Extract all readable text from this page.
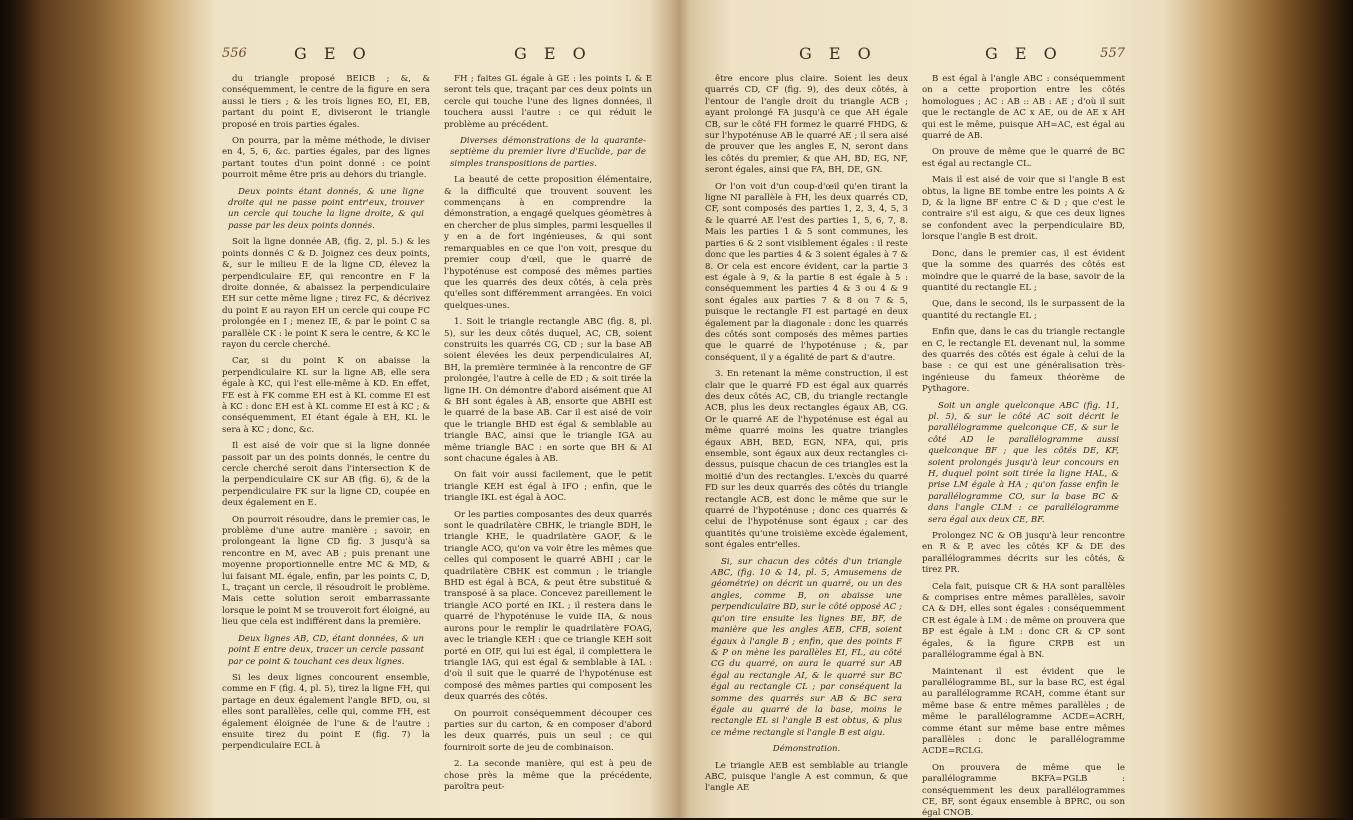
556	G E O	G E O

du triangle proposé BEICB ; &, & conséquemment, le centre de la figure en sera aussi le tiers ; & les trois lignes EO, EI, EB, partant du point E, diviseront le triangle proposé en trois parties égales.

On pourra, par la même méthode, le diviser en 4, 5, 6, &c. parties égales, par des lignes partant toutes d'un point donné : ce point pourroit même être pris au dehors du triangle.

Deux points étant donnés, & une ligne droite qui ne passe point entr'eux, trouver un cercle qui touche la ligne droite, & qui passe par les deux points donnés.

Soit la ligne donnée AB, (fig. 2, pl. 5.) & les points donnés C & D. Joignez ces deux points, &, sur le milieu E de la ligne CD, élevez la perpendiculaire EF, qui rencontre en F la droite donnée, & abaissez la perpendiculaire EH sur cette même ligne ; tirez FC, & décrivez du point E au rayon EH un cercle qui coupe FC prolongée en I ; menez IE, & par le point C sa parallèle CK : le point K sera le centre, & KC le rayon du cercle cherché.

Car, si du point K on abaisse la perpendiculaire KL sur la ligne AB, elle sera égale à KC, qui l'est elle-même à KD. En effet, FE est à FK comme EH est à KL comme EI est à KC : donc EH est à KL comme EI est à KC ; & conséquemment, EI étant égale à EH, KL le sera à KC ; donc, &c.

Il est aisé de voir que si la ligne donnée passoit par un des points donnés, le centre du cercle cherché seroit dans l'intersection K de la perpendiculaire CK sur AB (fig. 6), & de la perpendiculaire FK sur la ligne CD, coupée en deux également en E.

On pourroit résoudre, dans le premier cas, le problème d'une autre manière ; savoir, en prolongeant la ligne CD fig. 3 jusqu'à sa rencontre en M, avec AB ; puis prenant une moyenne proportionnelle entre MC & MD, & lui faisant ML égale, enfin, par les points C, D, L, traçant un cercle, il résoudroit le problème. Mais cette solution seroit embarrassante lorsque le point M se trouveroit fort éloigné, au lieu que cela est indifférent dans la première.

Deux lignes AB, CD, étant données, & un point E entre deux, tracer un cercle passant par ce point & touchant ces deux lignes.

Si les deux lignes concourent ensemble, comme en F (fig. 4, pl. 5), tirez la ligne FH, qui partage en deux également l'angle BFD, ou, si elles sont parallèles, celle qui, comme FH, est également éloignée de l'une & de l'autre ; ensuite tirez du point E (fig. 7) la perpendiculaire ECL à

FH ; faites GL égale à GE : les points L & E seront tels que, traçant par ces deux points un cercle qui touche l'une des lignes données, il touchera aussi l'autre : ce qui réduit le problème au précédent.

Diverses démonstrations de la quarante-septième du premier livre d'Euclide, par de simples transpositions de parties.

La beauté de cette proposition élémentaire, & la difficulté que trouvent souvent les commençans à en comprendre la démonstration, a engagé quelques géomètres à en chercher de plus simples, parmi lesquelles il y en a de fort ingénieuses, & qui sont remarquables en ce que l'on voit, presque du premier coup d'œil, que le quarré de l'hypoténuse est composé des mêmes parties que les quarrés des deux côtés, à cela près qu'elles sont différemment arrangées. En voici quelques-unes.

1. Soit le triangle rectangle ABC (fig. 8, pl. 5), sur les deux côtés duquel, AC, CB, soient construits les quarrés CG, CD ; sur la base AB soient élevées les deux perpendiculaires AI, BH, la première terminée à la rencontre de GF prolongée, l'autre à celle de ED ; & soit tirée la ligne IH. On démontre d'abord aisément que AI & BH sont égales à AB, ensorte que ABHI est le quarré de la base AB. Car il est aisé de voir que le triangle BHD est égal & semblable au triangle BAC, ainsi que le triangle IGA au même triangle BAC : en sorte que BH & AI sont chacune égales à AB.

On fait voir aussi facilement, que le petit triangle KEH est égal à IFO ; enfin, que le triangle IKL est égal à AOC.

Or les parties composantes des deux quarrés sont le quadrilatère CBHK, le triangle BDH, le triangle KHE, le quadrilatère GAOF, & le triangle ACO, qu'on va voir être les mêmes que celles qui composent le quarré ABHI ; car le quadrilatère CBHK est commun ; le triangle BHD est égal à BCA, & peut être substitué & transposé à sa place. Concevez pareillement le triangle ACO porté en IKL ; il restera dans le quarré de l'hypoténuse le vuide IIA, & nous aurons pour le remplir le quadrilatère FOAG, avec le triangle KEH : que ce triangle KEH soit porté en OIF, qui lui est égal, il complettera le triangle IAG, qui est égal & semblable à IAL : d'où il suit que le quarré de l'hypoténuse est composé des mêmes parties qui composent les deux quarrés des côtés.

On pourroit conséquemment découper ces parties sur du carton, & en composer d'abord les deux quarrés, puis un seul ; ce qui fourniroit sorte de jeu de combinaison.

2. La seconde manière, qui est à peu de chose près la même que la précédente, paroîtra peut-

G E O	G E O	557

être encore plus claire. Soient les deux quarrés CD, CF (fig. 9), des deux côtés, à l'entour de l'angle droit du triangle ACB ; ayant prolongé FA jusqu'à ce que AH égale CB, sur le côté FH formez le quarré FHDG, & sur l'hypoténuse AB le quarré AE ; il sera aisé de prouver que les angles E, N, seront dans les côtés du premier, & que AH, BD, EG, NF, seront égales, ainsi que FA, BH, DE, GN.

Or l'on voit d'un coup-d'œil qu'en tirant la ligne NI parallèle à FH, les deux quarrés CD, CF, sont composés des parties 1, 2, 3, 4, 5, 3 & le quarré AE l'est des parties 1, 5, 6, 7, 8. Mais les parties 1 & 5 sont communes, les parties 6 & 2 sont visiblement égales : il reste donc que les parties 4 & 3 soient égales à 7 & 8. Or cela est encore évident, car la partie 3 est égale à 9, & la partie 8 est égale à 5 : conséquemment les parties 4 & 3 ou 4 & 9 sont égales aux parties 7 & 8 ou 7 & 5, puisque le rectangle FI est partagé en deux également par la diagonale : donc les quarrés des côtés sont composés des mêmes parties que le quarré de l'hypoténuse ; &, par conséquent, il y a égalité de part & d'autre.

3. En retenant la même construction, il est clair que le quarré FD est égal aux quarrés des deux côtés AC, CB, du triangle rectangle ACB, plus les deux rectangles égaux AB, CG. Or le quarré AE de l'hypoténuse est égal au même quarré moins les quatre triangles égaux ABH, BED, EGN, NFA, qui, pris ensemble, sont égaux aux deux rectangles ci-dessus, puisque chacun de ces triangles est la moitié d'un des rectangles. L'excès du quarré FD sur les deux quarrés des côtés du triangle rectangle ACB, est donc le même que sur le quarré de l'hypoténuse ; donc ces quarrés & celui de l'hypoténuse sont égaux ; car des quantités qu'une troisième excède également, sont égales entr'elles.

Si, sur chacun des côtés d'un triangle ABC, (fig. 10 & 14, pl. 5, Amusemens de géométrie) on décrit un quarré, ou un des angles, comme B, on abaisse une perpendiculaire BD, sur le côté opposé AC ; qu'on tire ensuite les lignes BE, BF, de manière que les angles AEB, CFB, soient égaux à l'angle B ; enfin, que des points F & P on mène les parallèles EI, FL, au côté CG du quarré, on aura le quarré sur AB égal au rectangle AI, & le quarré sur BC égal au rectangle CL ; par conséquent la somme des quarrés sur AB & BC sera égale au quarré de la base, moins le rectangle EL si l'angle B est obtus, & plus ce même rectangle si l'angle B est aigu.

Démonstration.

Le triangle AEB est semblable au triangle ABC, puisque l'angle A est commun, & que l'angle AE

B est égal à l'angle ABC : conséquemment on a cette proportion entre les côtés homologues ; AC : AB :: AB : AE ; d'où il suit que le rectangle de AC x AE, ou de AE x AH qui est le même, puisque AH=AC, est égal au quarré de AB.

On prouve de même que le quarré de BC est égal au rectangle CL.

Mais il est aisé de voir que si l'angle B est obtus, la ligne BE tombe entre les points A & D, & la ligne BF entre C & D ; que c'est le contraire s'il est aigu, & que ces deux lignes se confondent avec la perpendiculaire BD, lorsque l'angle B est droit.

Donc, dans le premier cas, il est évident que la somme des quarrés des côtés est moindre que le quarré de la base, savoir de la quantité du rectangle EL ;

Que, dans le second, ils le surpassent de la quantité du rectangle EL ;

Enfin que, dans le cas du triangle rectangle en C, le rectangle EL devenant nul, la somme des quarrés des côtés est égale à celui de la base : ce qui est une généralisation très-ingénieuse du fameux théorème de Pythagore.

Soit un angle quelconque ABC (fig. 11, pl. 5), & sur le côté AC soit décrit le parallélogramme quelconque CE, & sur le côté AD le parallélogramme aussi quelconque BF ; que les côtés DE, KF, soient prolongés jusqu'à leur concours en H, duquel point soit tirée la ligne HAL, & prise LM égale à HA ; qu'on fasse enfin le parallélogramme CO, sur la base BC & dans l'angle CLM : ce parallélogramme sera égal aux deux CE, BF.

Prolongez NC & OB jusqu'à leur rencontre en R & P, avec les côtés KF & DE des parallélogrammes décrits sur les côtés, & tirez PR.

Cela fait, puisque CR & HA sont parallèles & comprises entre mêmes parallèles, savoir CA & DH, elles sont égales : conséquemment CR est égale à LM : de même on prouvera que BP est égale à LM : donc CR & CP sont égales, & la figure CRPB est un parallélogramme égal à BN.

Maintenant il est évident que le parallélogramme BL, sur la base RC, est égal au parallélogramme RCAH, comme étant sur même base & entre mêmes parallèles ; de même le parallélogramme ACDE=ACRH, comme étant sur même base entre mêmes parallèles : donc le parallélogramme ACDE=RCLG.

On prouvera de même que le parallélogramme BKFA=PGLB : conséquemment les deux parallélogrammes CE, BF, sont égaux ensemble à BPRC, ou son égal CNOB.
